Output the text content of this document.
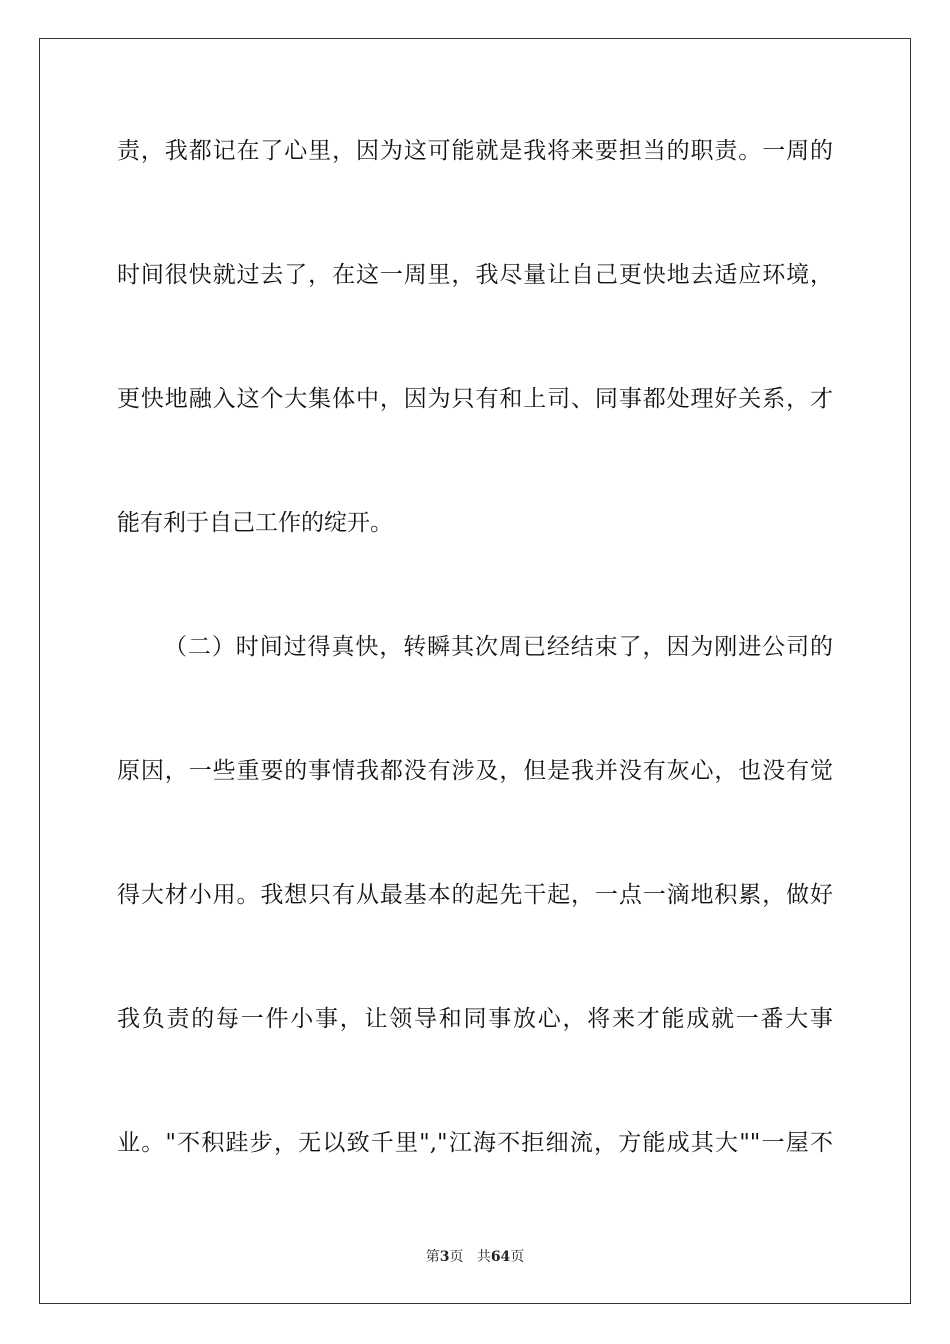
责，我都记在了心里，因为这可能就是我将来要担当的职责。一周的
时间很快就过去了，在这一周里，我尽量让自己更快地去适应环境，
更快地融入这个大集体中，因为只有和上司、同事都处理好关系，才
能有利于自己工作的绽开。
（二）时间过得真快，转瞬其次周已经结束了，因为刚进公司的
原因，一些重要的事情我都没有涉及，但是我并没有灰心，也没有觉
得大材小用。我想只有从最基本的起先干起，一点一滴地积累，做好
我负责的每一件小事，让领导和同事放心，将来才能成就一番大事
业。"不积跬步，无以致千里","江海不拒细流，方能成其大""一屋不
第3页 共64页
